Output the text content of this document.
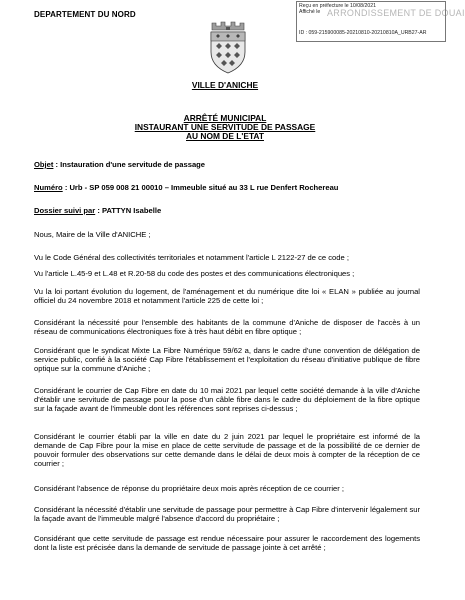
DEPARTEMENT DU NORD	ARRONDISSEMENT DE DOUAI
Reçu en préfecture le 10/08/2021
Affiché le
ID : 059-215900085-20210810-20210810A_URB27-AR
VILLE D'ANICHE
ARRÊTÉ MUNICIPAL
INSTAURANT UNE SERVITUDE DE PASSAGE
AU NOM DE L'ETAT
Objet : Instauration d'une servitude de passage
Numéro : Urb - SP 059 008 21 00010 – Immeuble situé au 33 L rue Denfert Rochereau
Dossier suivi par : PATTYN Isabelle
Nous, Maire de la Ville d'ANICHE ;
Vu le Code Général des collectivités territoriales et notamment l'article L 2122-27 de ce code ;
Vu l'article L.45-9 et L.48 et R.20-58 du code des postes et des communications électroniques ;
Vu la loi portant évolution du logement, de l'aménagement et du numérique dite loi « ELAN » publiée au journal officiel du 24 novembre 2018 et notamment l'article 225 de cette loi ;
Considérant la nécessité pour l'ensemble des habitants de la commune d'Aniche de disposer de l'accès à un réseau de communications électroniques fixe à très haut débit en fibre optique ;
Considérant que le syndicat Mixte La Fibre Numérique 59/62 a, dans le cadre d'une convention de délégation de service public, confié à la société Cap Fibre l'établissement et l'exploitation du réseau d'initiative publique de fibre optique sur la commune d'Aniche ;
Considérant le courrier de Cap Fibre en date du 10 mai 2021 par lequel cette société demande à la ville d'Aniche d'établir une servitude de passage pour la pose d'un câble fibre dans le cadre du déploiement de la fibre optique sur la façade avant de l'immeuble dont les références sont reprises ci-dessus ;
Considérant le courrier établi par la ville en date du 2 juin 2021 par lequel le propriétaire est informé de la demande de Cap Fibre pour la mise en place de cette servitude de passage et de la possibilité de ce dernier de pouvoir formuler des observations sur cette demande dans le délai de deux mois à compter de la réception de ce courrier ;
Considérant l'absence de réponse du propriétaire deux mois après réception de ce courrier ;
Considérant la nécessité d'établir une servitude de passage pour permettre à Cap Fibre d'intervenir légalement sur la façade avant de l'immeuble malgré l'absence d'accord du propriétaire ;
Considérant que cette servitude de passage est rendue nécessaire pour assurer le raccordement des logements dont la liste est précisée dans la demande de servitude de passage jointe à cet arrêté ;
